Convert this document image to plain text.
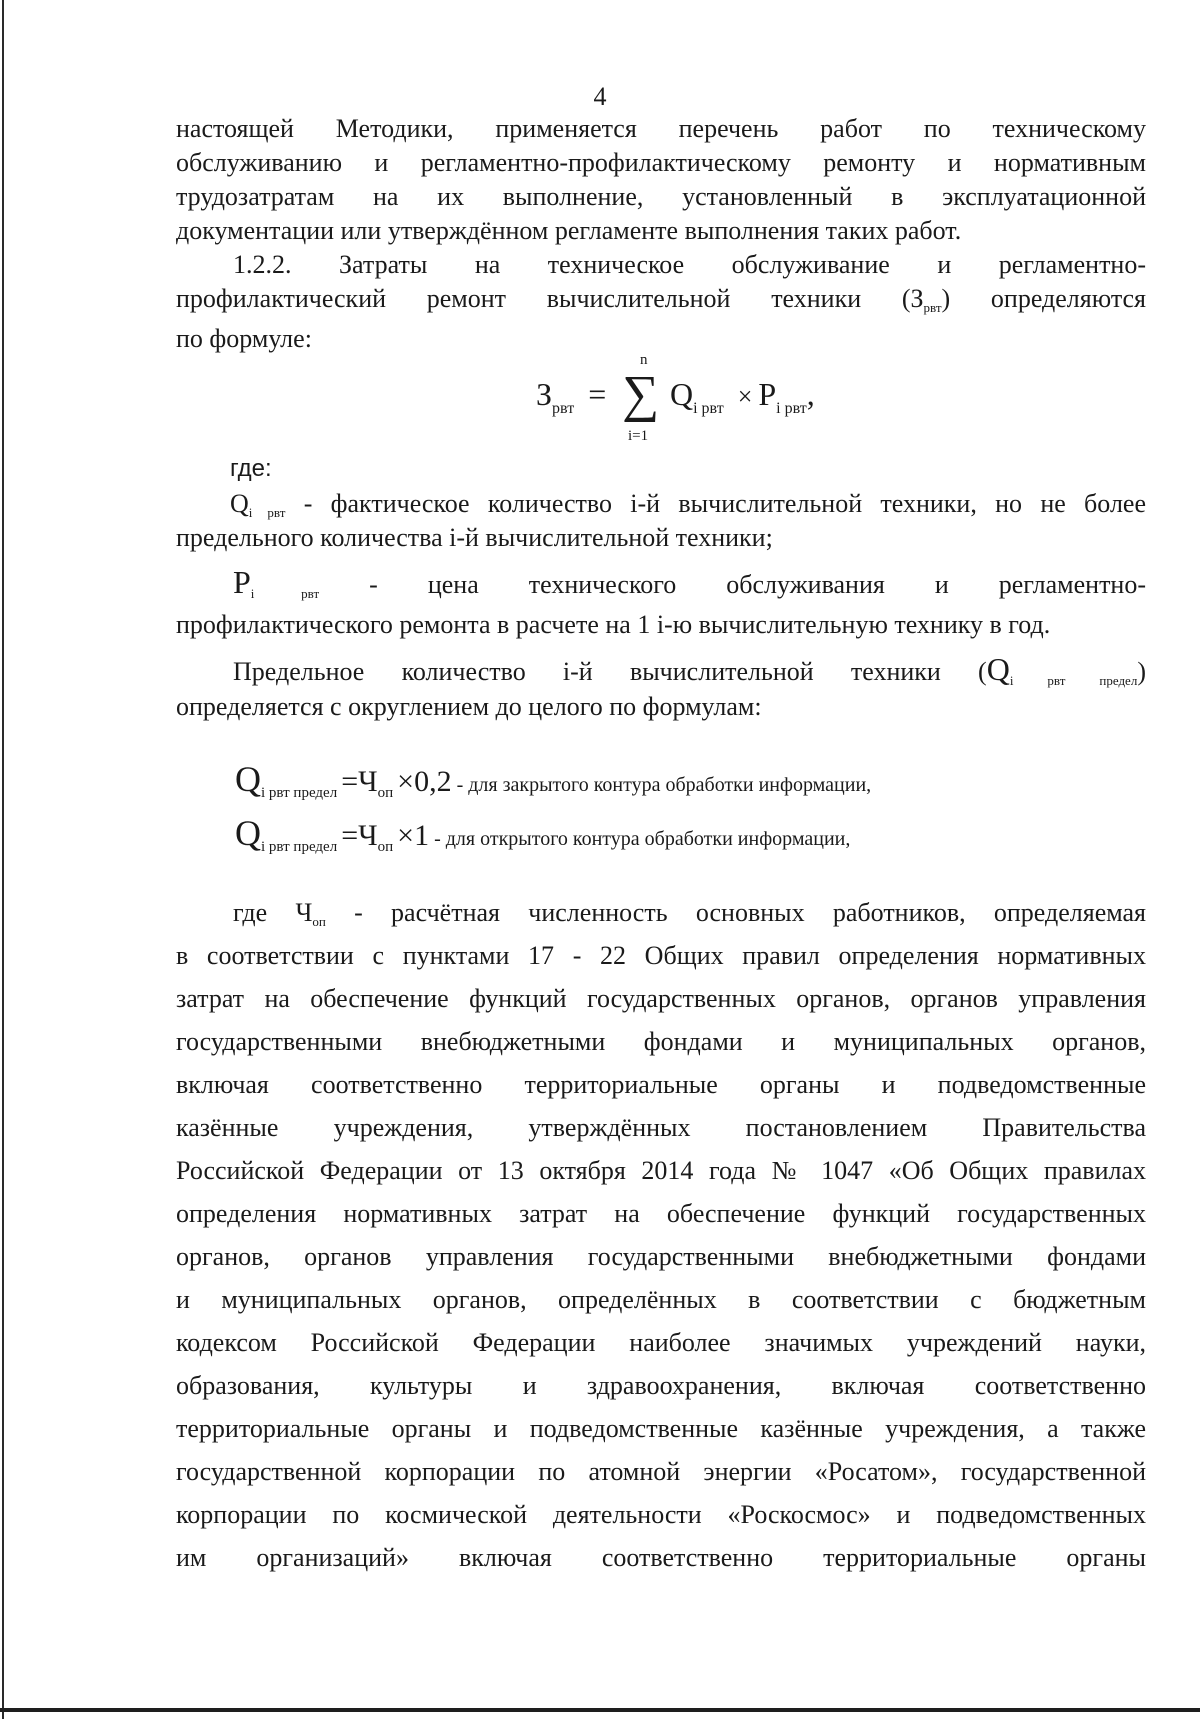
4
настоящей Методики, применяется перечень работ по техническому
обслуживанию и регламентно-профилактическому ремонту и нормативным
трудозатратам на их выполнение, установленный в эксплуатационной
документации или утверждённом регламенте выполнения таких работ.
1.2.2. Затраты на техническое обслуживание и регламентно-
профилактический ремонт вычислительной техники (Зрвт) определяются
по формуле:
$З_{рвт}$ = ∑
n
i=1
$Q_{i рвт} \times P_{i рвт}$,
где:
Qi рвт - фактическое количество i-й вычислительной техники, но не более
предельного количества i-й вычислительной техники;
Pi рвт - цена технического обслуживания и регламентно-
профилактического ремонта в расчете на 1 i-ю вычислительную технику в год.
Предельное количество i-й вычислительной техники (Qi рвт предел)
определяется с округлением до целого по формулам:
Qi рвт предел =Чоп ×0,2 - для закрытого контура обработки информации,
Qi рвт предел =Чоп ×1 - для открытого контура обработки информации,
где Чоп - расчётная численность основных работников, определяемая
в соответствии с пунктами 17 - 22 Общих правил определения нормативных
затрат на обеспечение функций государственных органов, органов управления
государственными внебюджетными фондами и муниципальных органов,
включая соответственно территориальные органы и подведомственные
казённые учреждения, утверждённых постановлением Правительства
Российской Федерации от 13 октября 2014 года № 1047 «Об Общих правилах
определения нормативных затрат на обеспечение функций государственных
органов, органов управления государственными внебюджетными фондами
и муниципальных органов, определённых в соответствии с бюджетным
кодексом Российской Федерации наиболее значимых учреждений науки,
образования, культуры и здравоохранения, включая соответственно
территориальные органы и подведомственные казённые учреждения, а также
государственной корпорации по атомной энергии «Росатом», государственной
корпорации по космической деятельности «Роскосмос» и подведомственных
им организаций» включая соответственно территориальные органы
